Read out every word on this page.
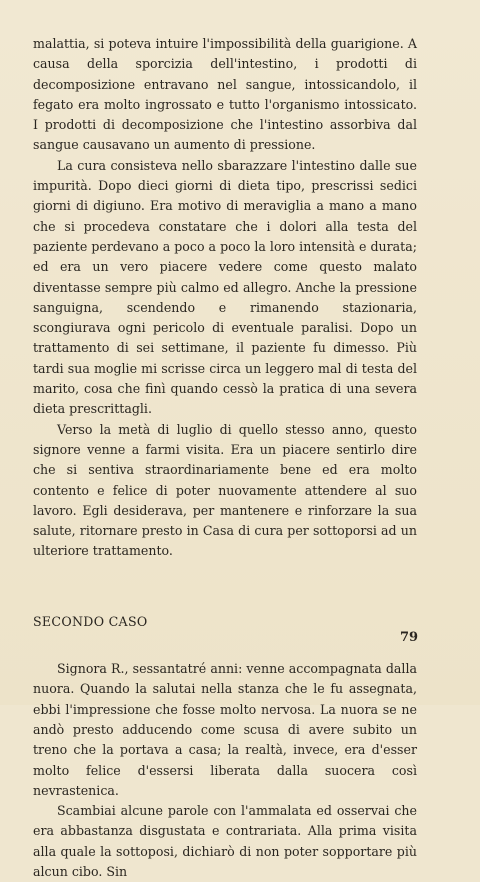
malattia, si poteva intuire l'impossibilità della guarigione. A causa della sporcizia dell'intestino, i prodotti di decomposizione entravano nel sangue, intossicandolo, il fegato era molto ingrossato e tutto l'organismo intossicato. I prodotti di decomposizione che l'intestino assorbiva dal sangue causavano un aumento di pressione.

La cura consisteva nello sbarazzare l'intestino dalle sue impurità. Dopo dieci giorni di dieta tipo, prescrissi sedici giorni di digiuno. Era motivo di meraviglia a mano a mano che si procedeva constatare che i dolori alla testa del paziente perdevano a poco a poco la loro intensità e durata; ed era un vero piacere vedere come questo malato diventasse sempre più calmo ed allegro. Anche la pressione sanguigna, scendendo e rimanendo stazionaria, scongiurava ogni pericolo di eventuale paralisi. Dopo un trattamento di sei settimane, il paziente fu dimesso. Più tardi sua moglie mi scrisse circa un leggero mal di testa del marito, cosa che finì quando cessò la pratica di una severa dieta prescrittagli.

Verso la metà di luglio di quello stesso anno, questo signore venne a farmi visita. Era un piacere sentirlo dire che si sentiva straordinariamente bene ed era molto contento e felice di poter nuovamente attendere al suo lavoro. Egli desiderava, per mantenere e rinforzare la sua salute, ritornare presto in Casa di cura per sottoporsi ad un ulteriore trattamento.

SECONDO CASO

Signora R., sessantatré anni: venne accompagnata dalla nuora. Quando la salutai nella stanza che le fu assegnata, ebbi l'impressione che fosse molto nervosa. La nuora se ne andò presto adducendo come scusa di avere subito un treno che la portava a casa; la realtà, invece, era d'esser molto felice d'essersi liberata dalla suocera così nevrastenica.

Scambiai alcune parole con l'ammalata ed osservai che era abbastanza disgustata e contrariata. Alla prima visita alla quale la sottoposi, dichiarò di non poter sopportare più alcun cibo. Sin

79
